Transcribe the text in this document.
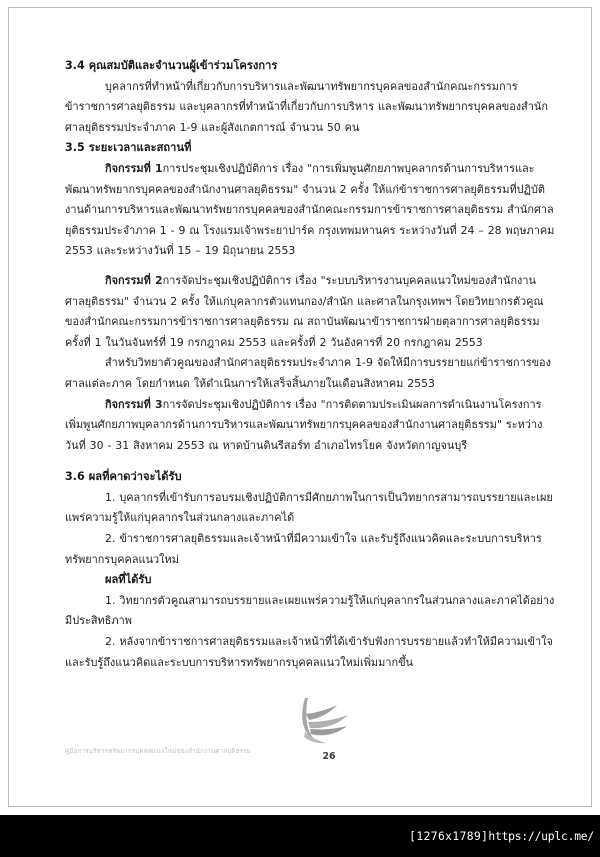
3.4 คุณสมบัติและจำนวนผู้เข้าร่วมโครงการ

บุคลากรที่ทำหน้าที่เกี่ยวกับการบริหารและพัฒนาทรัพยากรบุคคลของสำนักคณะกรรมการข้าราชการศาลยุติธรรม และบุคลากรที่ทำหน้าที่เกี่ยวกับการบริหาร และพัฒนาทรัพยากรบุคคลของสำนักศาลยุติธรรมประจำภาค 1-9 และผู้สังเกตการณ์ จำนวน 50 คน

3.5 ระยะเวลาและสถานที่

กิจกรรมที่ 1การประชุมเชิงปฏิบัติการ เรื่อง "การเพิ่มพูนศักยภาพบุคลากรด้านการบริหารและพัฒนาทรัพยากรบุคคลของสำนักงานศาลยุติธรรม" จำนวน 2 ครั้ง ให้แก่ข้าราชการศาลยุติธรรมที่ปฏิบัติงานด้านการบริหารและพัฒนาทรัพยากรบุคคลของสำนักคณะกรรมการข้าราชการศาลยุติธรรม สำนักศาลยุติธรรมประจำภาค 1 - 9 ณ โรงแรมเจ้าพระยาปาร์ค กรุงเทพมหานคร ระหว่างวันที่ 24 – 28 พฤษภาคม 2553 และระหว่างวันที่ 15 – 19 มิถุนายน 2553

กิจกรรมที่ 2การจัดประชุมเชิงปฏิบัติการ เรื่อง "ระบบบริหารงานบุคคลแนวใหม่ของสำนักงานศาลยุติธรรม" จำนวน 2 ครั้ง ให้แก่บุคลากรตัวแทนกอง/สำนัก และศาลในกรุงเทพฯ โดยวิทยากรตัวคูณของสำนักคณะกรรมการข้าราชการศาลยุติธรรม ณ สถาบันพัฒนาข้าราชการฝ่ายตุลาการศาลยุติธรรม ครั้งที่ 1 ในวันจันทร์ที่ 19 กรกฎาคม 2553 และครั้งที่ 2 วันอังคารที่ 20 กรกฎาคม 2553

สำหรับวิทยาตัวคูณของสำนักศาลยุติธรรมประจำภาค 1-9 จัดให้มีการบรรยายแก่ข้าราชการของศาลแต่ละภาค โดยกำหนด ให้ดำเนินการให้เสร็จสิ้นภายในเดือนสิงหาคม 2553

กิจกรรมที่ 3การจัดประชุมเชิงปฏิบัติการ เรื่อง "การติดตามประเมินผลการดำเนินงานโครงการเพิ่มพูนศักยภาพบุคลากรด้านการบริหารและพัฒนาทรัพยากรบุคคลของสำนักงานศาลยุติธรรม" ระหว่างวันที่ 30 - 31 สิงหาคม 2553 ณ หาดบ้านดินรีสอร์ท อำเภอไทรโยค จังหวัดกาญจนบุรี

3.6 ผลที่คาดว่าจะได้รับ

1. บุคลากรที่เข้ารับการอบรมเชิงปฏิบัติการมีศักยภาพในการเป็นวิทยากรสามารถบรรยายและเผยแพร่ความรู้ให้แก่บุคลากรในส่วนกลางและภาคได้

2. ข้าราชการศาลยุติธรรมและเจ้าหน้าที่มีความเข้าใจ และรับรู้ถึงแนวคิดและระบบการบริหารทรัพยากรบุคคลแนวใหม่

ผลที่ได้รับ

1. วิทยากรตัวคูณสามารถบรรยายและเผยแพร่ความรู้ให้แก่บุคลากรในส่วนกลางและภาคได้อย่างมีประสิทธิภาพ

2. หลังจากข้าราชการศาลยุติธรรมและเจ้าหน้าที่ได้เข้ารับฟังการบรรยายแล้วทำให้มีความเข้าใจและรับรู้ถึงแนวคิดและระบบการบริหารทรัพยากรบุคคลแนวใหม่เพิ่มมากขึ้น

คู่มือการบริหารทรัพยากรบุคคลแนวใหม่ของสำนักงานศาลยุติธรรม	26
[1276x1789]https://uplc.me/
